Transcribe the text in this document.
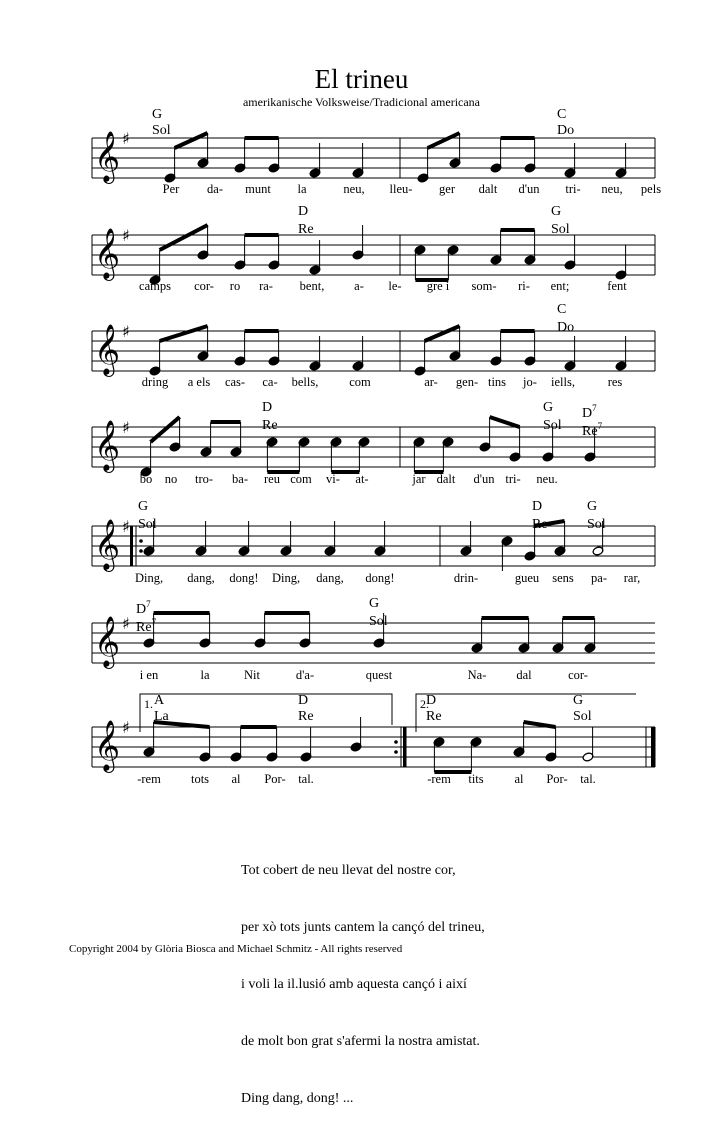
El trineu
amerikanische Volksweise/Tradicional americana
𝄞 ♯
𝄞 ♯
𝄞 ♯
𝄞 ♯
𝄞 ♯
𝄞 ♯
𝄞 ♯

Tot cobert de neu llevat del nostre cor,

per xò tots junts cantem la cançó del trineu,

i voli la il.lusió amb aquesta cançó i així

de molt bon grat s'afermi la nostra amistat.

Ding dang, dong! ...

Copyright 2004 by Glòria Biosca and Michael Schmitz - All rights reserved
G
Sol
C
Do
Per da- munt la	neu, lleu- ger dalt d'un tri- neu, pels
D
Re
G
Sol
camps cor- ro ra- bent, a- le- gre i som- ri- ent;	fent
C
Do
dring a els cas- ca- bells, com	ar- gen- tins jo- iells,	res
D
Re
G
Sol
$D^7$
Re$^7$
bo no tro- ba- reu com vi- at-	jar dalt d'un tri- neu.
G
Sol
D
Re
G
Sol
Ding, dang, dong! Ding, dang, dong!	drin-	gueu sens pa- rar,
$D^7$
Re$^7$
G
Sol
i en	la	Nit	d'a-	quest	Na- dal	cor-
A
La
D
Re
D
Re
G
Sol
1.	2.
-rem tots al Por- tal.	-rem tits al Por- tal.
